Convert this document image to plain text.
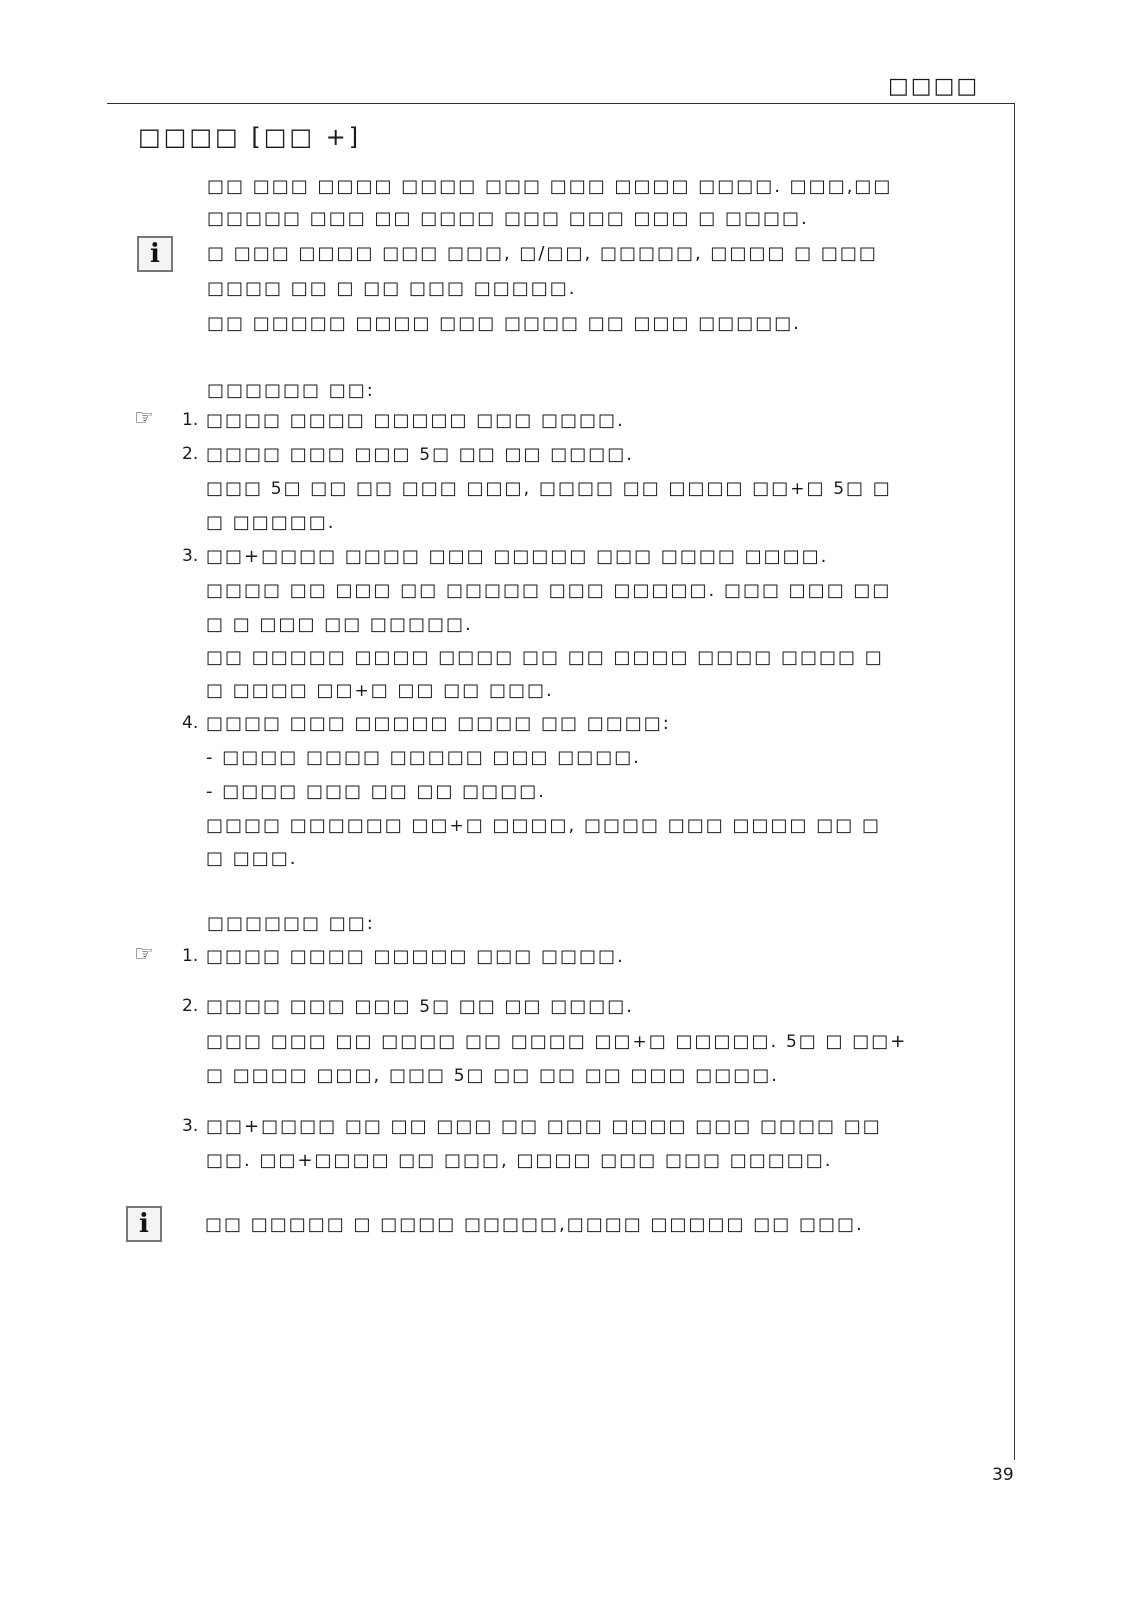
□□□□
□□□□ [□□ +]
i
□□ □□□ □□□□ □□□□ □□□ □□□ □□□□ □□□□. □□□,□□
□□□□□ □□□ □□ □□□□ □□□ □□□ □□□ □ □□□□.
□ □□□ □□□□ □□□ □□□, □/□□, □□□□□, □□□□ □ □□□
□□□□ □□ □ □□ □□□ □□□□□.
□□ □□□□□ □□□□ □□□ □□□□ □□ □□□ □□□□□.
□□□□□□ □□:
☞ 1. □□□□ □□□□ □□□□□ □□□ □□□□.
2. □□□□ □□□ □□□ 5□ □□ □□ □□□□.
□□□ 5□ □□ □□ □□□ □□□, □□□□ □□ □□□□ □□+□ 5□ □
□ □□□□□.
3. □□+□□□□ □□□□ □□□ □□□□□ □□□ □□□□ □□□□.
□□□□ □□ □□□ □□ □□□□□ □□□ □□□□□. □□□ □□□ □□
□ □ □□□ □□ □□□□□.
□□ □□□□□ □□□□ □□□□ □□ □□ □□□□ □□□□ □□□□ □
□ □□□□ □□+□ □□ □□ □□□.
4. □□□□ □□□ □□□□□ □□□□ □□ □□□□:
- □□□□ □□□□ □□□□□ □□□ □□□□.
- □□□□ □□□ □□ □□ □□□□.
□□□□ □□□□□□ □□+□ □□□□, □□□□ □□□ □□□□ □□ □
□ □□□.
□□□□□□ □□:
☞ 1. □□□□ □□□□ □□□□□ □□□ □□□□.
2. □□□□ □□□ □□□ 5□ □□ □□ □□□□.
□□□ □□□ □□ □□□□ □□ □□□□ □□+□ □□□□□. 5□ □ □□+
□ □□□□ □□□, □□□ 5□ □□ □□ □□ □□□ □□□□.
3. □□+□□□□ □□ □□ □□□ □□ □□□ □□□□ □□□ □□□□ □□
□□. □□+□□□□ □□ □□□, □□□□ □□□ □□□ □□□□□.
i	□□ □□□□□ □ □□□□ □□□□□,□□□□ □□□□□ □□ □□□.
39
